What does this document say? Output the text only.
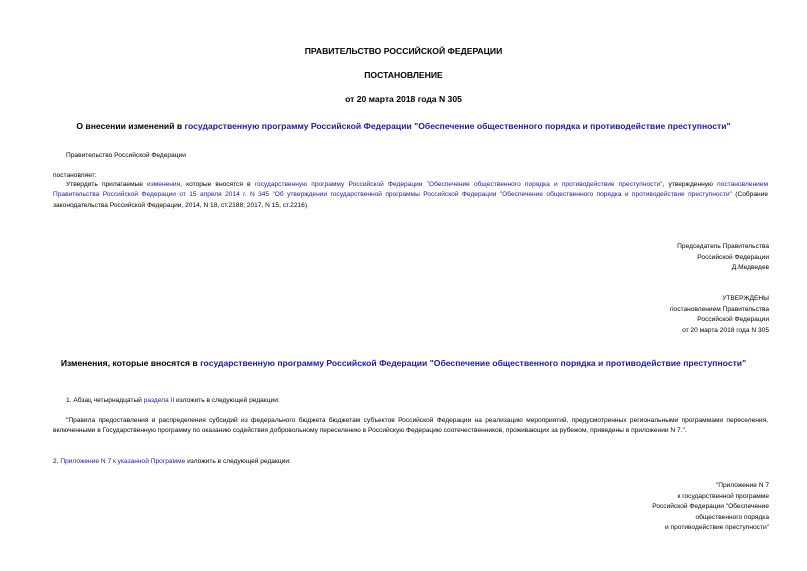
ПРАВИТЕЛЬСТВО РОССИЙСКОЙ ФЕДЕРАЦИИ
ПОСТАНОВЛЕНИЕ
от 20 марта 2018 года N 305
О внесении изменений в государственную программу Российской Федерации "Обеспечение общественного порядка и противодействие преступности"
Правительство Российской Федерации
постановляет:
Утвердить прилагаемые изменения, которые вносятся в государственную программу Российской Федерации "Обеспечение общественного порядка и противодействие преступности", утвержденную постановлением Правительства Российской Федерации от 15 апреля 2014 г. N 345 "Об утверждении государственной программы Российской Федерации "Обеспечение общественного порядка и противодействие преступности" (Собрание законодательства Российской Федерации, 2014, N 18, ст.2188; 2017, N 15, ст.2216).
Председатель Правительства
Российской Федерации
Д.Медведев
УТВЕРЖДЕНЫ
постановлением Правительства
Российской Федерации
от 20 марта 2018 года N 305
Изменения, которые вносятся в государственную программу Российской Федерации "Обеспечение общественного порядка и противодействие преступности"
1. Абзац четырнадцатый раздела II изложить в следующей редакции:
"Правила предоставления и распределения субсидий из федерального бюджета бюджетам субъектов Российской Федерации на реализацию мероприятий, предусмотренных региональными программами переселения, включенными в Государственную программу по оказанию содействия добровольному переселению в Российскую Федерацию соотечественников, проживающих за рубежом, приведены в приложении N 7.".
2. Приложение N 7 к указанной Программе изложить в следующей редакции:
"Приложение N 7
к государственной программе
Российской Федерации "Обеспечение
общественного порядка
и противодействие преступности"
